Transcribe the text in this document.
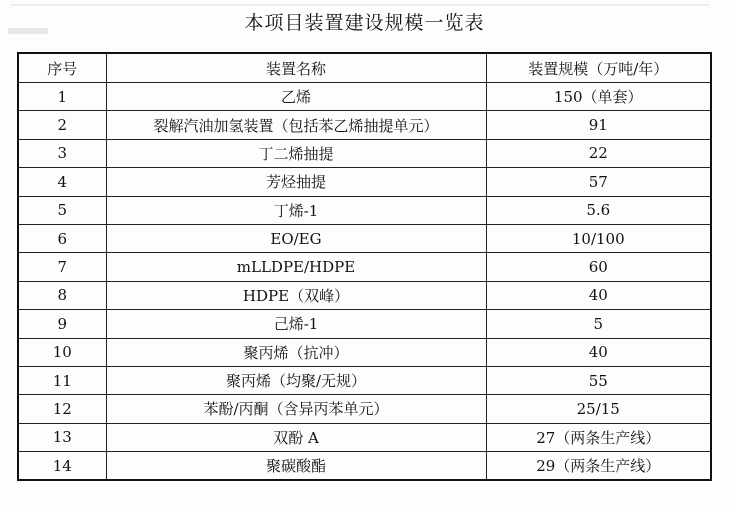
本项目装置建设规模一览表
序号	装置名称	装置规模（万吨/年）
1	乙烯	150（单套）
2	裂解汽油加氢装置（包括苯乙烯抽提单元）	91
3	丁二烯抽提	22
4	芳烃抽提	57
5	丁烯-1	5.6
6	EO/EG	10/100
7	mLLDPE/HDPE	60
8	HDPE（双峰）	40
9	己烯-1	5
10	聚丙烯（抗冲）	40
11	聚丙烯（均聚/无规）	55
12	苯酚/丙酮（含异丙苯单元）	25/15
13	双酚 A	27（两条生产线）
14	聚碳酸酯	29（两条生产线）
